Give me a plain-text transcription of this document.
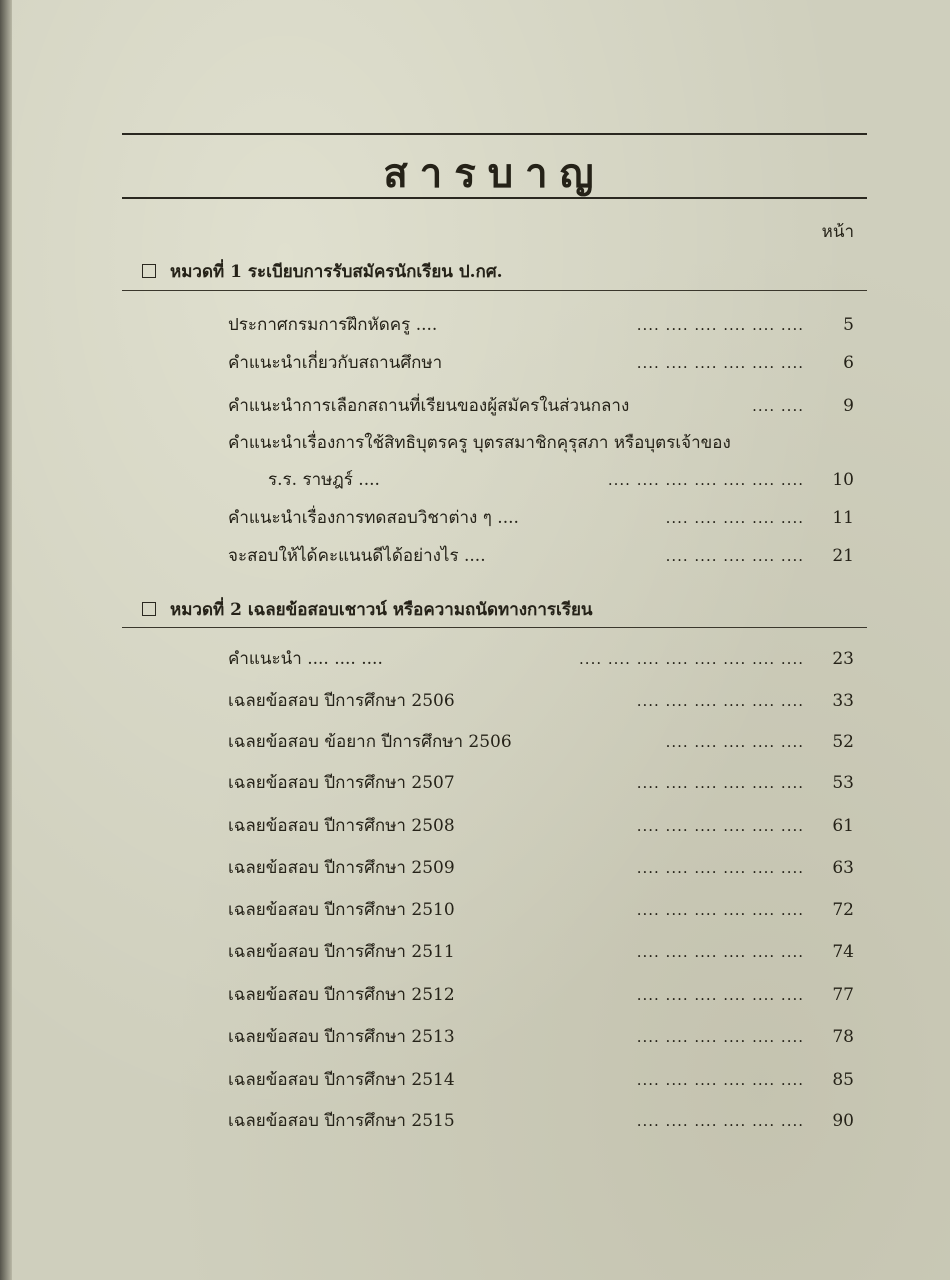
สารบาญ
หน้า
หมวดที่ 1 ระเบียบการรับสมัครนักเรียน ป.กศ.
ประกาศกรมการฝึกหัดครู ....	.... .... .... .... .... .... 5
คำแนะนำเกี่ยวกับสถานศึกษา	.... .... .... .... .... .... 6
คำแนะนำการเลือกสถานที่เรียนของผู้สมัครในส่วนกลาง	.... .... 9
คำแนะนำเรื่องการใช้สิทธิบุตรครู บุตรสมาชิกคุรุสภา หรือบุตรเจ้าของ
ร.ร. ราษฎร์ ....	.... .... .... .... .... .... .... 10
คำแนะนำเรื่องการทดสอบวิชาต่าง ๆ ....	.... .... .... .... .... 11
จะสอบให้ได้คะแนนดีได้อย่างไร ....	.... .... .... .... .... 21
หมวดที่ 2 เฉลยข้อสอบเชาวน์ หรือความถนัดทางการเรียน
คำแนะนำ .... .... ....	.... .... .... .... .... .... .... .... 23
เฉลยข้อสอบ ปีการศึกษา 2506	.... .... .... .... .... .... 33
เฉลยข้อสอบ ข้อยาก ปีการศึกษา 2506	.... .... .... .... .... 52
เฉลยข้อสอบ ปีการศึกษา 2507	.... .... .... .... .... .... 53
เฉลยข้อสอบ ปีการศึกษา 2508	.... .... .... .... .... .... 61
เฉลยข้อสอบ ปีการศึกษา 2509	.... .... .... .... .... .... 63
เฉลยข้อสอบ ปีการศึกษา 2510	.... .... .... .... .... .... 72
เฉลยข้อสอบ ปีการศึกษา 2511	.... .... .... .... .... .... 74
เฉลยข้อสอบ ปีการศึกษา 2512	.... .... .... .... .... .... 77
เฉลยข้อสอบ ปีการศึกษา 2513	.... .... .... .... .... .... 78
เฉลยข้อสอบ ปีการศึกษา 2514	.... .... .... .... .... .... 85
เฉลยข้อสอบ ปีการศึกษา 2515	.... .... .... .... .... .... 90
